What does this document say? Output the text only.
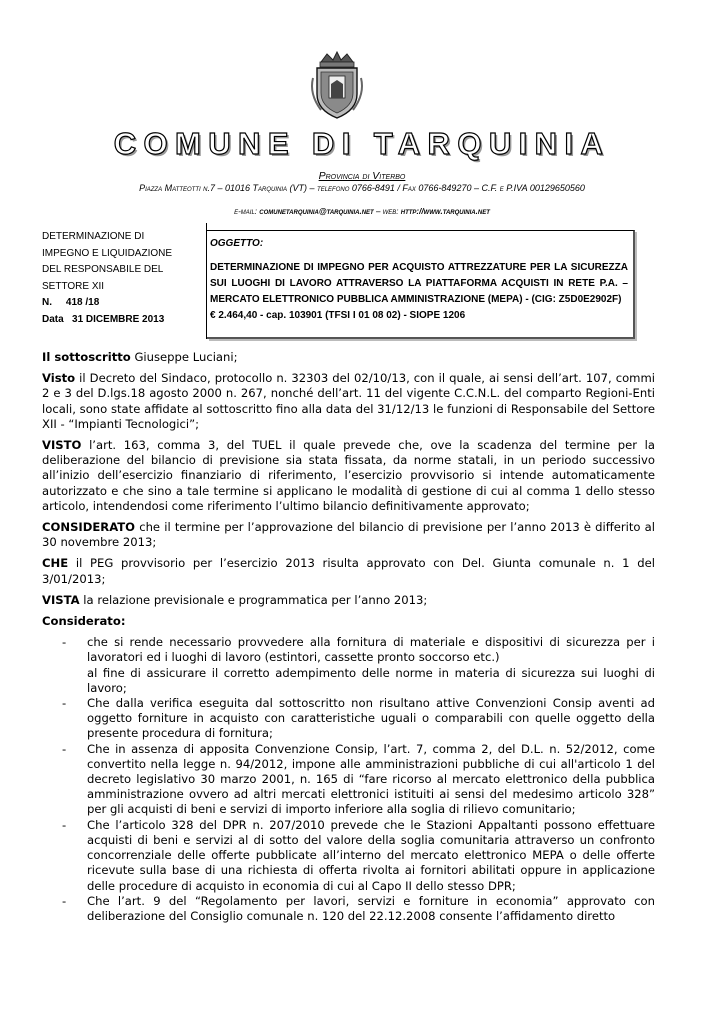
COMUNE DI TARQUINIA
Provincia di Viterbo
Piazza Matteotti n.7 – 01016 Tarquinia (VT) – telefono 0766-8491 / Fax 0766-849270 – C.F. e P.IVA 00129650560
e-mail: comunetarquinia@tarquinia.net – web: http://www.tarquinia.net
DETERMINAZIONE DI
IMPEGNO E LIQUIDAZIONE
DEL RESPONSABILE DEL
SETTORE XII
N. 418 /18
Data 31 DICEMBRE 2013
OGGETTO:
DETERMINAZIONE DI IMPEGNO PER ACQUISTO ATTREZZATURE PER LA SICUREZZA SUI LUOGHI DI LAVORO ATTRAVERSO LA PIATTAFORMA ACQUISTI IN RETE P.A. – MERCATO ELETTRONICO PUBBLICA AMMINISTRAZIONE (MEPA) - (CIG: Z5D0E2902F)
€ 2.464,40 - cap. 103901 (TFSI I 01 08 02) - SIOPE 1206

Il sottoscritto Giuseppe Luciani;

Visto il Decreto del Sindaco, protocollo n. 32303 del 02/10/13, con il quale, ai sensi dell’art. 107, commi 2 e 3 del D.lgs.18 agosto 2000 n. 267, nonché dell’art. 11 del vigente C.C.N.L. del comparto Regioni-Enti locali, sono state affidate al sottoscritto fino alla data del 31/12/13 le funzioni di Responsabile del Settore XII - “Impianti Tecnologici”;

VISTO l’art. 163, comma 3, del TUEL il quale prevede che, ove la scadenza del termine per la deliberazione del bilancio di previsione sia stata fissata, da norme statali, in un periodo successivo all’inizio dell’esercizio finanziario di riferimento, l’esercizio provvisorio si intende automaticamente autorizzato e che sino a tale termine si applicano le modalità di gestione di cui al comma 1 dello stesso articolo, intendendosi come riferimento l’ultimo bilancio definitivamente approvato;

CONSIDERATO che il termine per l’approvazione del bilancio di previsione per l’anno 2013 è differito al 30 novembre 2013;

CHE il PEG provvisorio per l’esercizio 2013 risulta approvato con Del. Giunta comunale n. 1 del 3/01/2013;

VISTA la relazione previsionale e programmatica per l’anno 2013;

Considerato:

- che si rende necessario provvedere alla fornitura di materiale e dispositivi di sicurezza per i lavoratori ed i luoghi di lavoro (estintori, cassette pronto soccorso etc.)
al fine di assicurare il corretto adempimento delle norme in materia di sicurezza sui luoghi di lavoro;
- Che dalla verifica eseguita dal sottoscritto non risultano attive Convenzioni Consip aventi ad oggetto forniture in acquisto con caratteristiche uguali o comparabili con quelle oggetto della presente procedura di fornitura;
- Che in assenza di apposita Convenzione Consip, l’art. 7, comma 2, del D.L. n. 52/2012, come convertito nella legge n. 94/2012, impone alle amministrazioni pubbliche di cui all'articolo 1 del decreto legislativo 30 marzo 2001, n. 165 di “fare ricorso al mercato elettronico della pubblica amministrazione ovvero ad altri mercati elettronici istituiti ai sensi del medesimo articolo 328” per gli acquisti di beni e servizi di importo inferiore alla soglia di rilievo comunitario;
- Che l’articolo 328 del DPR n. 207/2010 prevede che le Stazioni Appaltanti possono effettuare acquisti di beni e servizi al di sotto del valore della soglia comunitaria attraverso un confronto concorrenziale delle offerte pubblicate all’interno del mercato elettronico MEPA o delle offerte ricevute sulla base di una richiesta di offerta rivolta ai fornitori abilitati oppure in applicazione delle procedure di acquisto in economia di cui al Capo II dello stesso DPR;
- Che l’art. 9 del “Regolamento per lavori, servizi e forniture in economia” approvato con deliberazione del Consiglio comunale n. 120 del 22.12.2008 consente l’affidamento diretto
